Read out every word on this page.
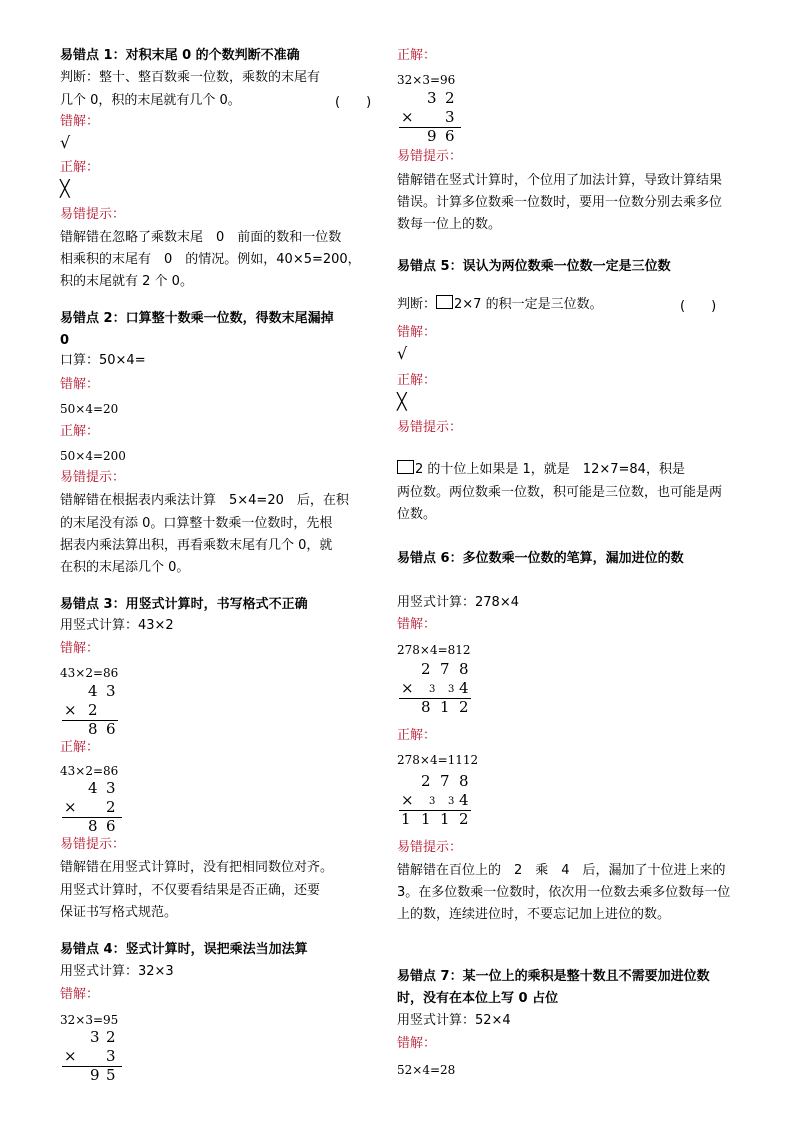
易错点 1：对积末尾 0 的个数判断不准确
判断：整十、整百数乘一位数，乘数的末尾有
几个 0，积的末尾就有几个 0。	(　　)
错解：
√
正解：
╳
易错提示：
错解错在忽略了乘数末尾　0　前面的数和一位数
相乘积的末尾有　0　的情况。例如，40×5=200，
积的末尾就有 2 个 0。
易错点 2：口算整十数乘一位数，得数末尾漏掉
0
口算：50×4=
错解：
50×4=20
正解：
50×4=200
易错提示：
错解错在根据表内乘法计算　5×4=20　后，在积
的末尾没有添 0。口算整十数乘一位数时，先根
据表内乘法算出积，再看乘数末尾有几个 0，就
在积的末尾添几个 0。
易错点 3：用竖式计算时，书写格式不正确
用竖式计算：43×2
错解：
43×2=86
4 3
× 2
8 6
正解：
43×2=86
4 3
× 2
8 6
易错提示：
错解错在用竖式计算时，没有把相同数位对齐。
用竖式计算时，不仅要看结果是否正确，还要
保证书写格式规范。
易错点 4：竖式计算时，误把乘法当加法算
用竖式计算：32×3
错解：
32×3=95
3 2
× 3
9 5
正解：
32×3=96
3 2
× 3
9 6
易错提示：
错解错在竖式计算时，个位用了加法计算，导致计算结果错误。计算多位数乘一位数时，要用一位数分别去乘多位数每一位上的数。
易错点 5：误认为两位数乘一位数一定是三位数
判断： 2×7 的积一定是三位数。	(　　)
错解：
√
正解：
╳
易错提示：
2 的十位上如果是 1，就是　12×7=84，积是
两位数。两位数乘一位数，积可能是三位数，也可能是两位数。
易错点 6：多位数乘一位数的笔算，漏加进位的数
用竖式计算：278×4
错解：
278×4=812
2 7 8
× 3 3 4
8 1 2
正解：
278×4=1112
2 7 8
× 3 3 4
1 1 1 2
易错提示：
错解错在百位上的　2　乘　4　后，漏加了十位进上来的 3。在多位数乘一位数时，依次用一位数去乘多位数每一位上的数，连续进位时，不要忘记加上进位的数。
易错点 7：某一位上的乘积是整十数且不需要加进位数时，没有在本位上写 0 占位
用竖式计算：52×4
错解：
52×4=28
